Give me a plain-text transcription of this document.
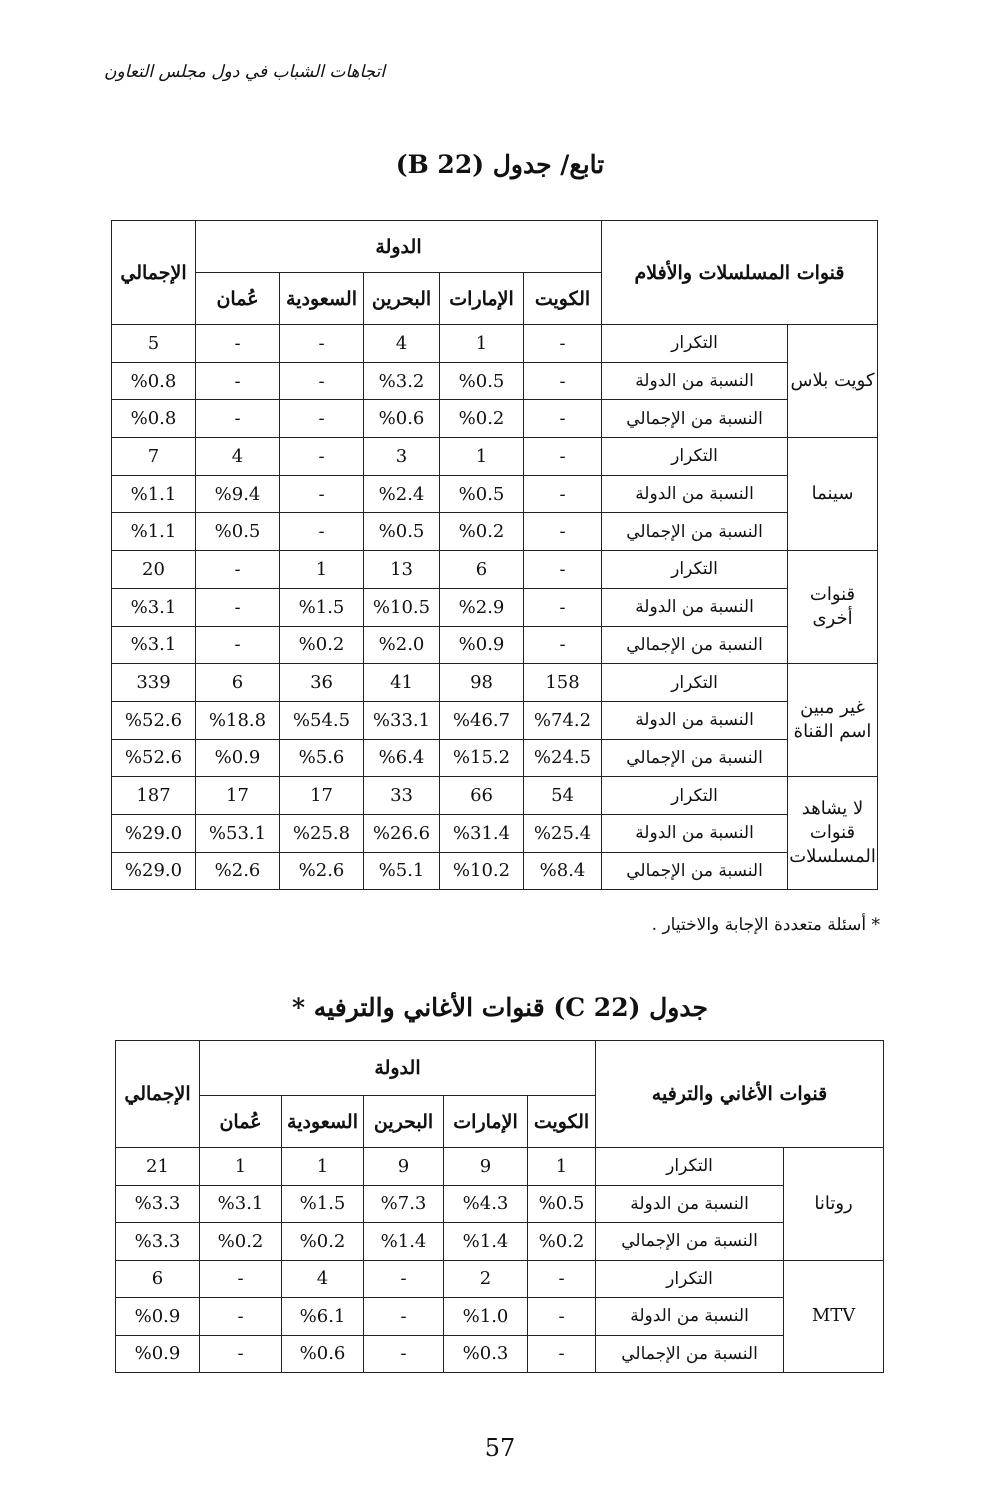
اتجاهات الشباب في دول مجلس التعاون
تابع/ جدول (B 22)
قنوات المسلسلات والأفلام		الدولة					الإجمالي
		الكويت	الإمارات	البحرين	السعودية	عُمان	
كويت بلاس	التكرار	-	1	4	-	-	5
	النسبة من الدولة	-	%0.5	%3.2	-	-	%0.8
	النسبة من الإجمالي	-	%0.2	%0.6	-	-	%0.8
سينما	التكرار	-	1	3	-	4	7
	النسبة من الدولة	-	%0.5	%2.4	-	%9.4	%1.1
	النسبة من الإجمالي	-	%0.2	%0.5	-	%0.5	%1.1
قنوات أخرى	التكرار	-	6	13	1	-	20
	النسبة من الدولة	-	%2.9	%10.5	%1.5	-	%3.1
	النسبة من الإجمالي	-	%0.9	%2.0	%0.2	-	%3.1
غير مبين اسم القناة	التكرار	158	98	41	36	6	339
	النسبة من الدولة	%74.2	%46.7	%33.1	%54.5	%18.8	%52.6
	النسبة من الإجمالي	%24.5	%15.2	%6.4	%5.6	%0.9	%52.6
لا يشاهد قنوات المسلسلات	التكرار	54	66	33	17	17	187
	النسبة من الدولة	%25.4	%31.4	%26.6	%25.8	%53.1	%29.0
	النسبة من الإجمالي	%8.4	%10.2	%5.1	%2.6	%2.6	%29.0
* أسئلة متعددة الإجابة والاختيار .
جدول (C 22) قنوات الأغاني والترفيه *
قنوات الأغاني والترفيه		الدولة					الإجمالي
		الكويت	الإمارات	البحرين	السعودية	عُمان	
روتانا	التكرار	1	9	9	1	1	21
	النسبة من الدولة	%0.5	%4.3	%7.3	%1.5	%3.1	%3.3
	النسبة من الإجمالي	%0.2	%1.4	%1.4	%0.2	%0.2	%3.3
MTV	التكرار	-	2	-	4	-	6
	النسبة من الدولة	-	%1.0	-	%6.1	-	%0.9
	النسبة من الإجمالي	-	%0.3	-	%0.6	-	%0.9
57
